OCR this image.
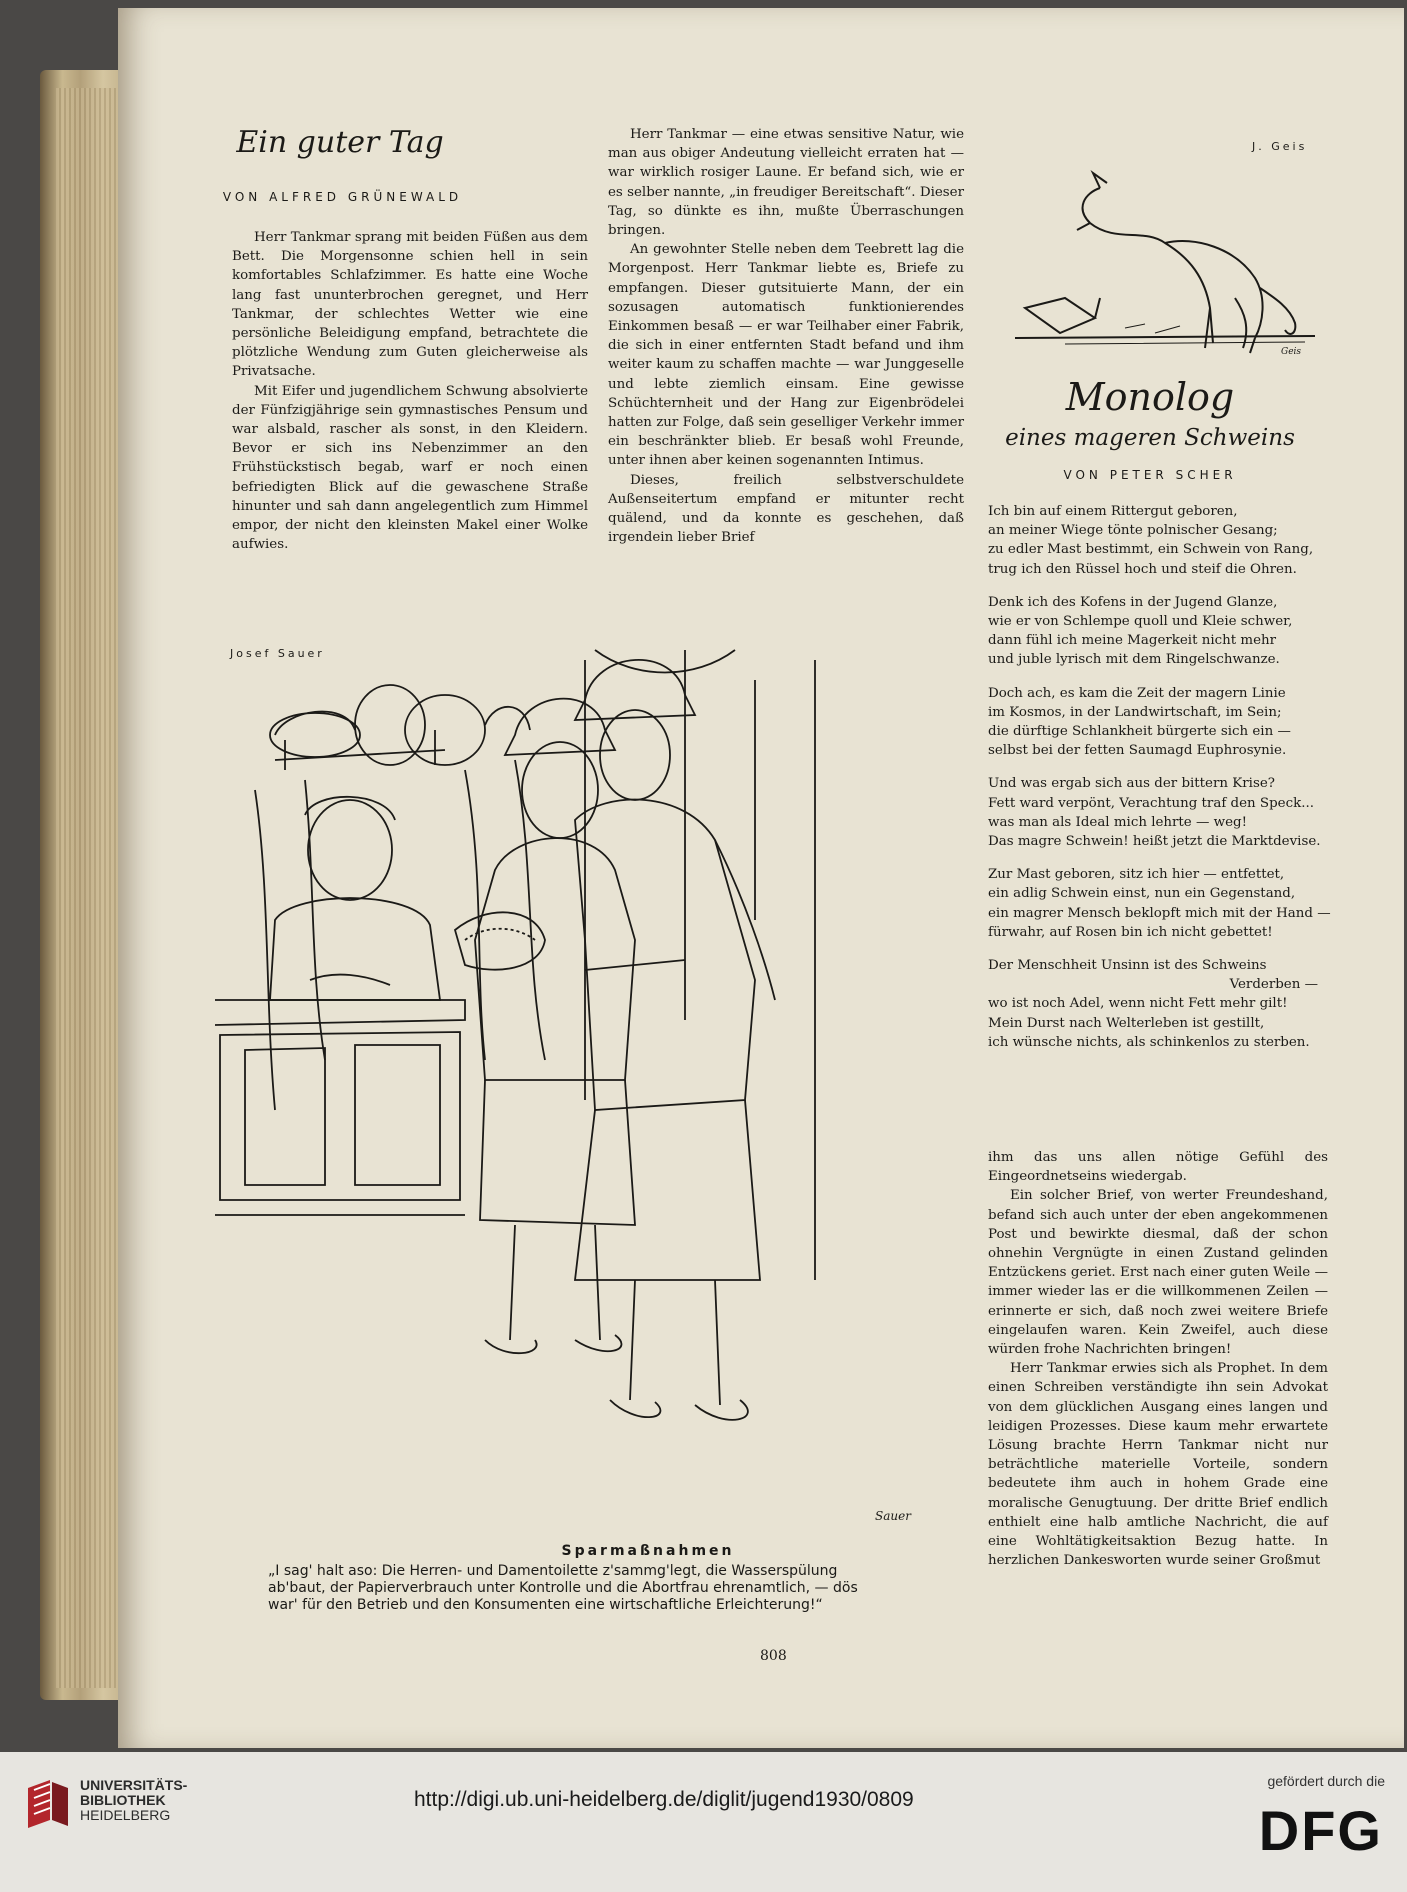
Ein guter Tag
VON ALFRED GRÜNEWALD

Herr Tankmar sprang mit beiden Füßen aus dem Bett. Die Morgensonne schien hell in sein komfortables Schlafzimmer. Es hatte eine Woche lang fast ununterbrochen geregnet, und Herr Tankmar, der schlechtes Wetter wie eine persönliche Beleidigung empfand, betrachtete die plötzliche Wendung zum Guten gleicherweise als Privatsache.

Mit Eifer und jugendlichem Schwung absolvierte der Fünfzigjährige sein gymnastisches Pensum und war alsbald, rascher als sonst, in den Kleidern. Bevor er sich ins Nebenzimmer an den Frühstückstisch begab, warf er noch einen befriedigten Blick auf die gewaschene Straße hinunter und sah dann angelegentlich zum Himmel empor, der nicht den kleinsten Makel einer Wolke aufwies.

Herr Tankmar — eine etwas sensitive Natur, wie man aus obiger Andeutung vielleicht erraten hat — war wirklich rosiger Laune. Er befand sich, wie er es selber nannte, „in freudiger Bereitschaft“. Dieser Tag, so dünkte es ihn, mußte Überraschungen bringen.

An gewohnter Stelle neben dem Teebrett lag die Morgenpost. Herr Tankmar liebte es, Briefe zu empfangen. Dieser gutsituierte Mann, der ein sozusagen automatisch funktionierendes Einkommen besaß — er war Teilhaber einer Fabrik, die sich in einer entfernten Stadt befand und ihm weiter kaum zu schaffen machte — war Junggeselle und lebte ziemlich einsam. Eine gewisse Schüchternheit und der Hang zur Eigenbrödelei hatten zur Folge, daß sein geselliger Verkehr immer ein beschränkter blieb. Er besaß wohl Freunde, unter ihnen aber keinen sogenannten Intimus.

Dieses, freilich selbstverschuldete Außenseitertum empfand er mitunter recht quälend, und da konnte es geschehen, daß irgendein lieber Brief

ihm das uns allen nötige Gefühl des Eingeordnetseins wiedergab.

Ein solcher Brief, von werter Freundeshand, befand sich auch unter der eben angekommenen Post und bewirkte diesmal, daß der schon ohnehin Vergnügte in einen Zustand gelinden Entzückens geriet. Erst nach einer guten Weile — immer wieder las er die willkommenen Zeilen — erinnerte er sich, daß noch zwei weitere Briefe eingelaufen waren. Kein Zweifel, auch diese würden frohe Nachrichten bringen!

Herr Tankmar erwies sich als Prophet. In dem einen Schreiben verständigte ihn sein Advokat von dem glücklichen Ausgang eines langen und leidigen Prozesses. Diese kaum mehr erwartete Lösung brachte Herrn Tankmar nicht nur beträchtliche materielle Vorteile, sondern bedeutete ihm auch in hohem Grade eine moralische Genugtuung. Der dritte Brief endlich enthielt eine halb amtliche Nachricht, die auf eine Wohltätigkeitsaktion Bezug hatte. In herzlichen Dankesworten wurde seiner Großmut

J. Geis
Geis
Monolog
eines mageren Schweins
VON PETER SCHER
Ich bin auf einem Rittergut geboren,
an meiner Wiege tönte polnischer Gesang;
zu edler Mast bestimmt, ein Schwein von Rang,
trug ich den Rüssel hoch und steif die Ohren.
Denk ich des Kofens in der Jugend Glanze,
wie er von Schlempe quoll und Kleie schwer,
dann fühl ich meine Magerkeit nicht mehr
und juble lyrisch mit dem Ringelschwanze.
Doch ach, es kam die Zeit der magern Linie
im Kosmos, in der Landwirtschaft, im Sein;
die dürftige Schlankheit bürgerte sich ein —
selbst bei der fetten Saumagd Euphrosynie.
Und was ergab sich aus der bittern Krise?
Fett ward verpönt, Verachtung traf den Speck...
was man als Ideal mich lehrte — weg!
Das magre Schwein! heißt jetzt die Marktdevise.
Zur Mast geboren, sitz ich hier — entfettet,
ein adlig Schwein einst, nun ein Gegenstand,
ein magrer Mensch beklopft mich mit der Hand —
fürwahr, auf Rosen bin ich nicht gebettet!
Der Menschheit Unsinn ist des Schweins
Verderben —
wo ist noch Adel, wenn nicht Fett mehr gilt!
Mein Durst nach Welterleben ist gestillt,
ich wünsche nichts, als schinkenlos zu sterben.
Josef Sauer
Sauer
Sparmaßnahmen
„I sag' halt aso: Die Herren- und Damentoilette z'sammg'legt, die Wasserspülung
ab'baut, der Papierverbrauch unter Kontrolle und die Abortfrau ehrenamtlich, — dös
war' für den Betrieb und den Konsumenten eine wirtschaftliche Erleichterung!“
808
UNIVERSITÄTS-
BIBLIOTHEK
HEIDELBERG
http://digi.ub.uni-heidelberg.de/diglit/jugend1930/0809
gefördert durch die
DFG
